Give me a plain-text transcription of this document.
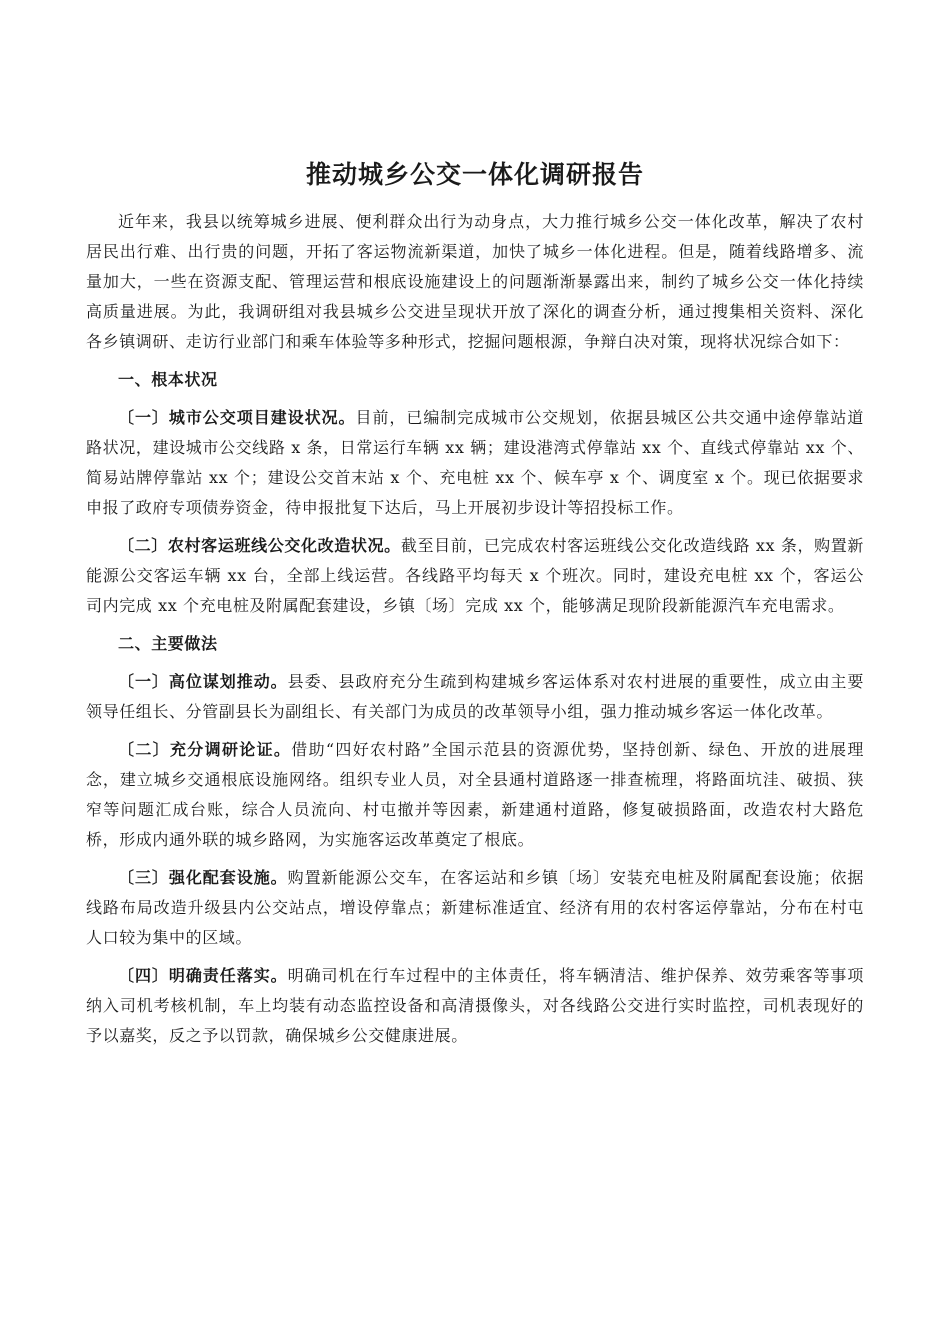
推动城乡公交一体化调研报告

近年来，我县以统筹城乡进展、便利群众出行为动身点，大力推行城乡公交一体化改革，解决了农村居民出行难、出行贵的问题，开拓了客运物流新渠道，加快了城乡一体化进程。但是，随着线路增多、流量加大，一些在资源支配、管理运营和根底设施建设上的问题渐渐暴露出来，制约了城乡公交一体化持续高质量进展。为此，我调研组对我县城乡公交进呈现状开放了深化的调查分析，通过搜集相关资料、深化各乡镇调研、走访行业部门和乘车体验等多种形式，挖掘问题根源，争辩白决对策，现将状况综合如下：

一、根本状况

〔一〕城市公交项目建设状况。目前，已编制完成城市公交规划，依据县城区公共交通中途停靠站道路状况，建设城市公交线路 x 条，日常运行车辆 xx 辆；建设港湾式停靠站 xx 个、直线式停靠站 xx 个、简易站牌停靠站 xx 个；建设公交首末站 x 个、充电桩 xx 个、候车亭 x 个、调度室 x 个。现已依据要求申报了政府专项债券资金，待申报批复下达后，马上开展初步设计等招投标工作。

〔二〕农村客运班线公交化改造状况。截至目前，已完成农村客运班线公交化改造线路 xx 条，购置新能源公交客运车辆 xx 台，全部上线运营。各线路平均每天 x 个班次。同时，建设充电桩 xx 个，客运公司内完成 xx 个充电桩及附属配套建设，乡镇〔场〕完成 xx 个，能够满足现阶段新能源汽车充电需求。

二、主要做法

〔一〕高位谋划推动。县委、县政府充分生疏到构建城乡客运体系对农村进展的重要性，成立由主要领导任组长、分管副县长为副组长、有关部门为成员的改革领导小组，强力推动城乡客运一体化改革。

〔二〕充分调研论证。借助“四好农村路”全国示范县的资源优势，坚持创新、绿色、开放的进展理念，建立城乡交通根底设施网络。组织专业人员，对全县通村道路逐一排查梳理，将路面坑洼、破损、狭窄等问题汇成台账，综合人员流向、村屯撤并等因素，新建通村道路，修复破损路面，改造农村大路危桥，形成内通外联的城乡路网，为实施客运改革奠定了根底。

〔三〕强化配套设施。购置新能源公交车，在客运站和乡镇〔场〕安装充电桩及附属配套设施；依据线路布局改造升级县内公交站点，增设停靠点；新建标准适宜、经济有用的农村客运停靠站，分布在村屯人口较为集中的区域。

〔四〕明确责任落实。明确司机在行车过程中的主体责任，将车辆清洁、维护保养、效劳乘客等事项纳入司机考核机制，车上均装有动态监控设备和高清摄像头，对各线路公交进行实时监控，司机表现好的予以嘉奖，反之予以罚款，确保城乡公交健康进展。
